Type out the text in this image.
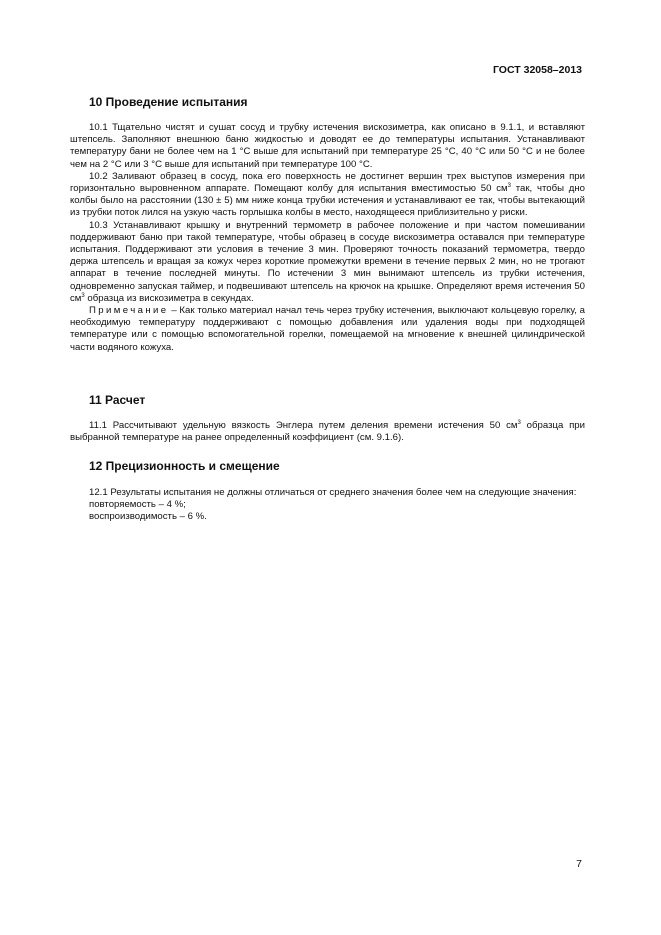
ГОСТ 32058–2013
10 Проведение испытания

10.1 Тщательно чистят и сушат сосуд и трубку истечения вискозиметра, как описано в 9.1.1, и вставляют штепсель. Заполняют внешнюю баню жидкостью и доводят ее до температуры испытания. Устанавливают температуру бани не более чем на 1 °С выше для испытаний при температуре 25 °С, 40 °С или 50 °С и не более чем на 2 °С или 3 °С выше для испытаний при температуре 100 °С.

10.2 Заливают образец в сосуд, пока его поверхность не достигнет вершин трех выступов измерения при горизонтально выровненном аппарате. Помещают колбу для испытания вместимостью 50 $см^3$ так, чтобы дно колбы было на расстоянии (130 ± 5) мм ниже конца трубки истечения и устанавливают ее так, чтобы вытекающий из трубки поток лился на узкую часть горлышка колбы в место, находящееся приблизительно у риски.

10.3 Устанавливают крышку и внутренний термометр в рабочее положение и при частом помешивании поддерживают баню при такой температуре, чтобы образец в сосуде вискозиметра оставался при температуре испытания. Поддерживают эти условия в течение 3 мин. Проверяют точность показаний термометра, твердо держа штепсель и вращая за кожух через короткие промежутки времени в течение первых 2 мин, но не трогают аппарат в течение последней минуты. По истечении 3 мин вынимают штепсель из трубки истечения, одновременно запуская таймер, и подвешивают штепсель на крючок на крышке. Определяют время истечения 50 $см^3$ образца из вискозиметра в секундах.

Примечание – Как только материал начал течь через трубку истечения, выключают кольцевую горелку, а необходимую температуру поддерживают с помощью добавления или удаления воды при подходящей температуре или с помощью вспомогательной горелки, помещаемой на мгновение к внешней цилиндрической части водяного кожуха.

11 Расчет

11.1 Рассчитывают удельную вязкость Энглера путем деления времени истечения 50 $см^3$ образца при выбранной температуре на ранее определенный коэффициент (см. 9.1.6).

12 Прецизионность и смещение

12.1 Результаты испытания не должны отличаться от среднего значения более чем на следующие значения:

повторяемость – 4 %;
воспроизводимость – 6 %.
7
